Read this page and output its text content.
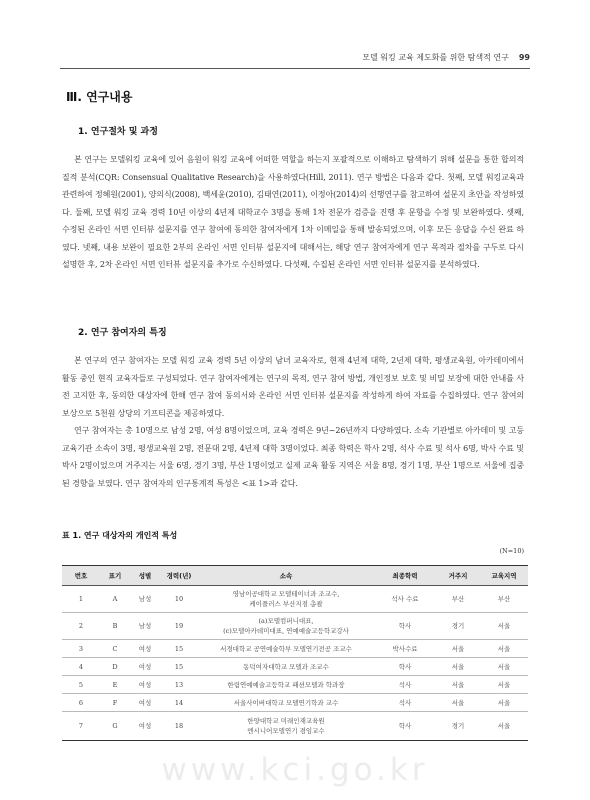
모델 워킹 교육 제도화를 위한 탐색적 연구 99
Ⅲ. 연구내용
1. 연구절차 및 과정

본 연구는 모델워킹 교육에 있어 음원이 워킹 교육에 어떠한 역할을 하는지 포괄적으로 이해하고 탐색하기 위해 설문을 통한 합의적 질적 분석(CQR: Consensual Qualitative Research)을 사용하였다(Hill, 2011). 연구 방법은 다음과 같다. 첫째, 모델 워킹교육과 관련하여 정혜원(2001), 양의식(2008), 백세윤(2010), 김태연(2011), 이정아(2014)의 선행연구를 참고하여 설문지 초안을 작성하였다. 둘째, 모델 워킹 교육 경력 10년 이상의 4년제 대학교수 3명을 통해 1차 전문가 검증을 진행 후 문항을 수정 및 보완하였다. 셋째, 수정된 온라인 서면 인터뷰 설문지를 연구 참여에 동의한 참여자에게 1차 이메일을 통해 발송되었으며, 이후 모든 응답을 수신 완료 하였다. 넷째, 내용 보완이 필요한 2부의 온라인 서면 인터뷰 설문지에 대해서는, 해당 연구 참여자에게 연구 목적과 절차를 구두로 다시 설명한 후, 2차 온라인 서면 인터뷰 설문지를 추가로 수신하였다. 다섯째, 수집된 온라인 서면 인터뷰 설문지를 분석하였다.

2. 연구 참여자의 특징

본 연구의 연구 참여자는 모델 워킹 교육 경력 5년 이상의 남녀 교육자로, 현재 4년제 대학, 2년제 대학, 평생교육원, 아카데미에서 활동 중인 현직 교육자들로 구성되었다. 연구 참여자에게는 연구의 목적, 연구 참여 방법, 개인정보 보호 및 비밀 보장에 대한 안내를 사전 고지한 후, 동의한 대상자에 한해 연구 참여 동의서와 온라인 서면 인터뷰 설문지를 작성하게 하여 자료를 수집하였다. 연구 참여의 보상으로 5천원 상당의 기프티콘을 제공하였다.

연구 참여자는 총 10명으로 남성 2명, 여성 8명이었으며, 교육 경력은 9년~26년까지 다양하였다. 소속 기관별로 아카데미 및 고등교육기관 소속이 3명, 평생교육원 2명, 전문대 2명, 4년제 대학 3명이었다. 최종 학력은 학사 2명, 석사 수료 및 석사 6명, 박사 수료 및 박사 2명이었으며 거주지는 서울 6명, 경기 3명, 부산 1명이었고 실제 교육 활동 지역은 서울 8명, 경기 1명, 부산 1명으로 서울에 집중된 경향을 보였다. 연구 참여자의 인구통계적 특성은 <표 1>과 같다.

표 1. 연구 대상자의 개인적 특성
(N=10)
번호	표기	성별	경력(년)	소속	최종학력	거주지	교육지역
1	A	남성	10	영남이공대학교 모델테이너과 조교수,
케이플러스 부산지점 총괄	석사 수료	부산	부산
2	B	남성	19	(a)모델컴퍼니대표,
(c)모델아카데미대표, 연예예술고등학교강사	학사	경기	서울
3	C	여성	15	서경대학교 공연예술학부 모델연기전공 조교수	박사수료	서울	서울
4	D	여성	15	동덕여자대학교 모델과 조교수	학사	서울	서울
5	E	여성	13	한림연예예술고등학교 패션모델과 학과장	석사	서울	서울
6	F	여성	14	서울사이버대학교 모델연기학과 교수	석사	서울	서울
7	G	여성	18	한양대학교 미래인재교육원
엔시니어모델연기 겸임교수	학사	경기	서울
www.kci.go.kr
